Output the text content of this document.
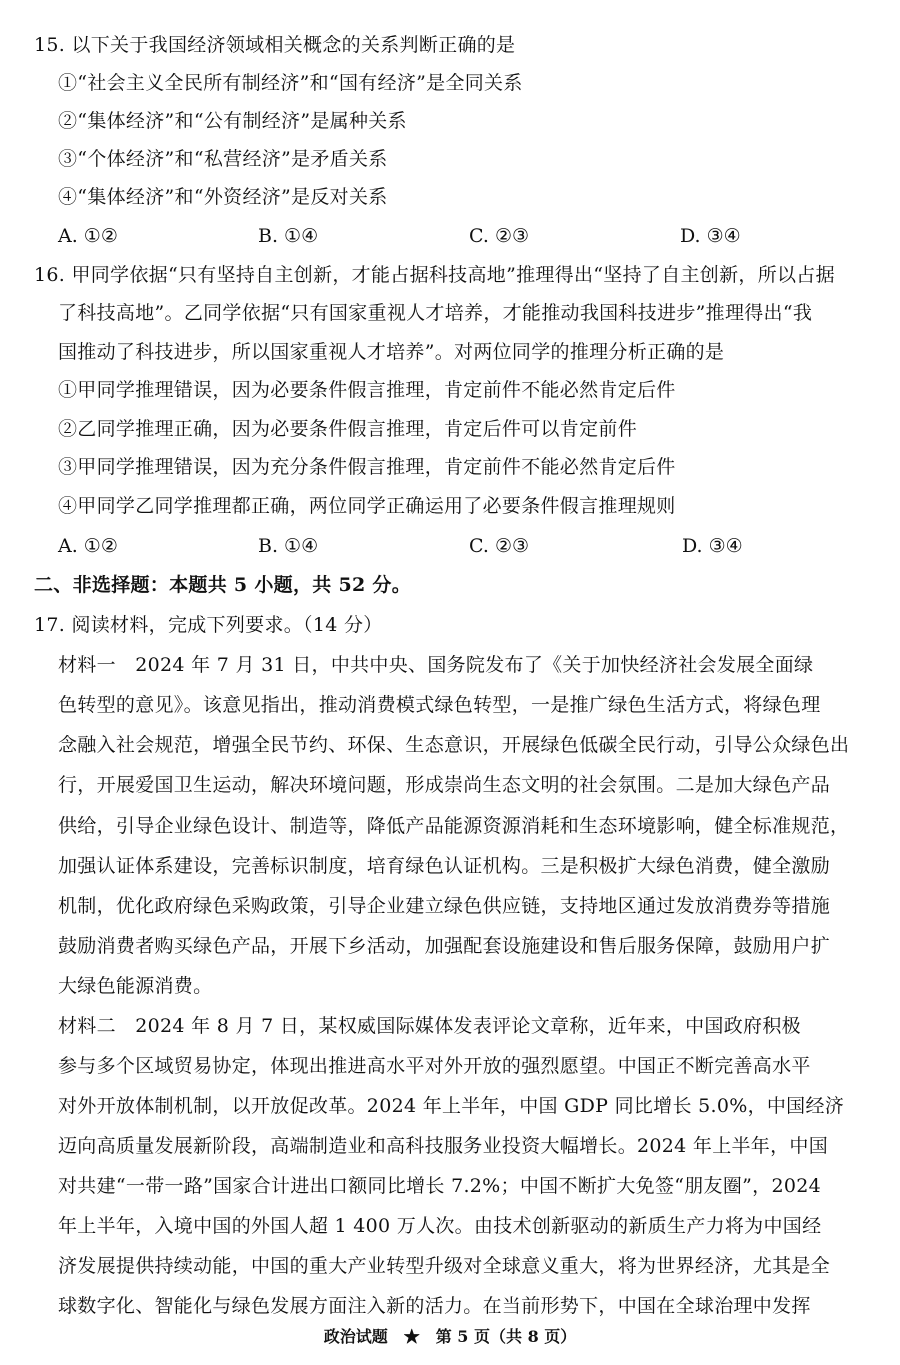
15. 以下关于我国经济领域相关概念的关系判断正确的是
①“社会主义全民所有制经济”和“国有经济”是全同关系
②“集体经济”和“公有制经济”是属种关系
③“个体经济”和“私营经济”是矛盾关系
④“集体经济”和“外资经济”是反对关系
A. ①②	B. ①④	C. ②③	D. ③④
16. 甲同学依据“只有坚持自主创新，才能占据科技高地”推理得出“坚持了自主创新，所以占据
了科技高地”。乙同学依据“只有国家重视人才培养，才能推动我国科技进步”推理得出“我
国推动了科技进步，所以国家重视人才培养”。对两位同学的推理分析正确的是
①甲同学推理错误，因为必要条件假言推理，肯定前件不能必然肯定后件
②乙同学推理正确，因为必要条件假言推理，肯定后件可以肯定前件
③甲同学推理错误，因为充分条件假言推理，肯定前件不能必然肯定后件
④甲同学乙同学推理都正确，两位同学正确运用了必要条件假言推理规则
A. ①②	B. ①④	C. ②③	D. ③④
二、非选择题：本题共 5 小题，共 52 分。
17. 阅读材料，完成下列要求。（14 分）
材料一　2024 年 7 月 31 日，中共中央、国务院发布了《关于加快经济社会发展全面绿
色转型的意见》。该意见指出，推动消费模式绿色转型，一是推广绿色生活方式，将绿色理
念融入社会规范，增强全民节约、环保、生态意识，开展绿色低碳全民行动，引导公众绿色出
行，开展爱国卫生运动，解决环境问题，形成崇尚生态文明的社会氛围。二是加大绿色产品
供给，引导企业绿色设计、制造等，降低产品能源资源消耗和生态环境影响，健全标准规范，
加强认证体系建设，完善标识制度，培育绿色认证机构。三是积极扩大绿色消费，健全激励
机制，优化政府绿色采购政策，引导企业建立绿色供应链，支持地区通过发放消费券等措施
鼓励消费者购买绿色产品，开展下乡活动，加强配套设施建设和售后服务保障，鼓励用户扩
大绿色能源消费。
材料二　2024 年 8 月 7 日，某权威国际媒体发表评论文章称，近年来，中国政府积极
参与多个区域贸易协定，体现出推进高水平对外开放的强烈愿望。中国正不断完善高水平
对外开放体制机制，以开放促改革。2024 年上半年，中国 GDP 同比增长 5.0%，中国经济
迈向高质量发展新阶段，高端制造业和高科技服务业投资大幅增长。2024 年上半年，中国
对共建“一带一路”国家合计进出口额同比增长 7.2%；中国不断扩大免签“朋友圈”，2024
年上半年，入境中国的外国人超 1 400 万人次。由技术创新驱动的新质生产力将为中国经
济发展提供持续动能，中国的重大产业转型升级对全球意义重大，将为世界经济，尤其是全
球数字化、智能化与绿色发展方面注入新的活力。在当前形势下，中国在全球治理中发挥
政治试题　★　第 5 页（共 8 页）
